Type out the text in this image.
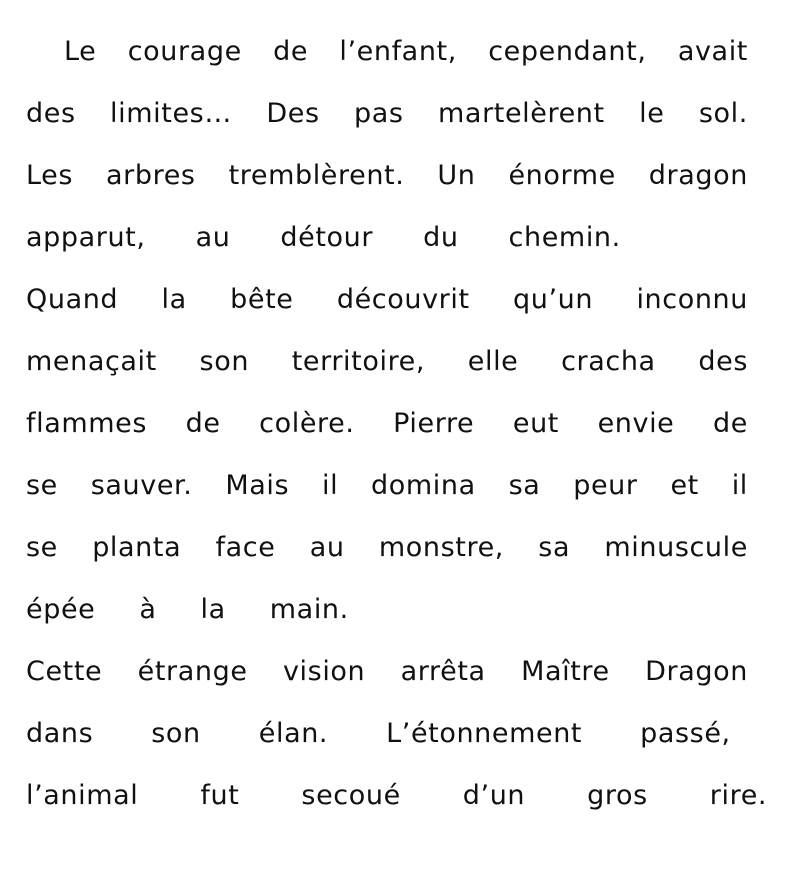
Le courage de l’enfant, cependant, avait
des limites… Des pas martelèrent le sol.
Les arbres tremblèrent. Un énorme dragon
apparut, au détour du chemin.
Quand la bête découvrit qu’un inconnu
menaçait son territoire, elle cracha des
flammes de colère. Pierre eut envie de
se sauver. Mais il domina sa peur et il
se planta face au monstre, sa minuscule
épée à la main.
Cette étrange vision arrêta Maître Dragon
dans son élan. L’étonnement passé,
l’animal fut secoué d’un gros rire.
